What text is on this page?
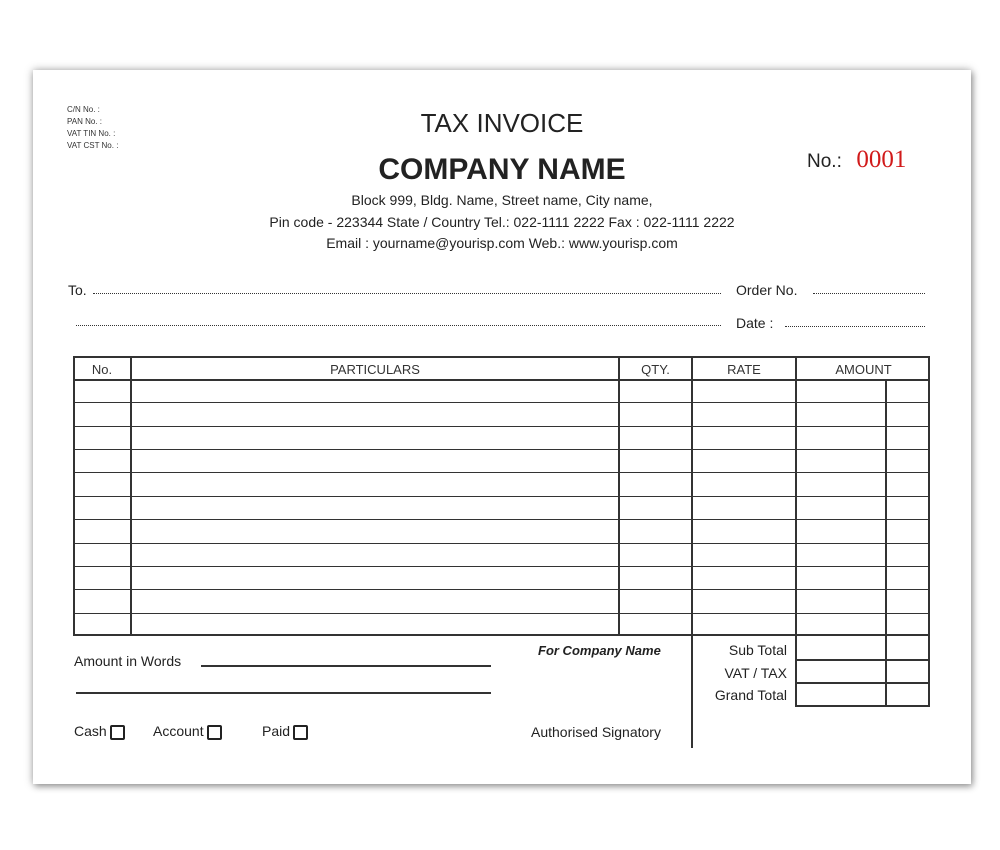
C/N No. :
PAN No. :
VAT TIN No. :
VAT CST No. :
TAX INVOICE
COMPANY NAME
Block 999, Bldg. Name, Street name, City name,
Pin code - 223344 State / Country Tel.: 022-1111 2222 Fax : 022-1111 2222
Email : yourname@yourisp.com Web.: www.yourisp.com
No.: 0001
To.	Order No.
Date :
No.	PARTICULARS	QTY.	RATE	AMOUNT
Sub Total
VAT / TAX
Grand Total
Amount in Words
For Company Name
Authorised Signatory
Cash	Account	Paid
